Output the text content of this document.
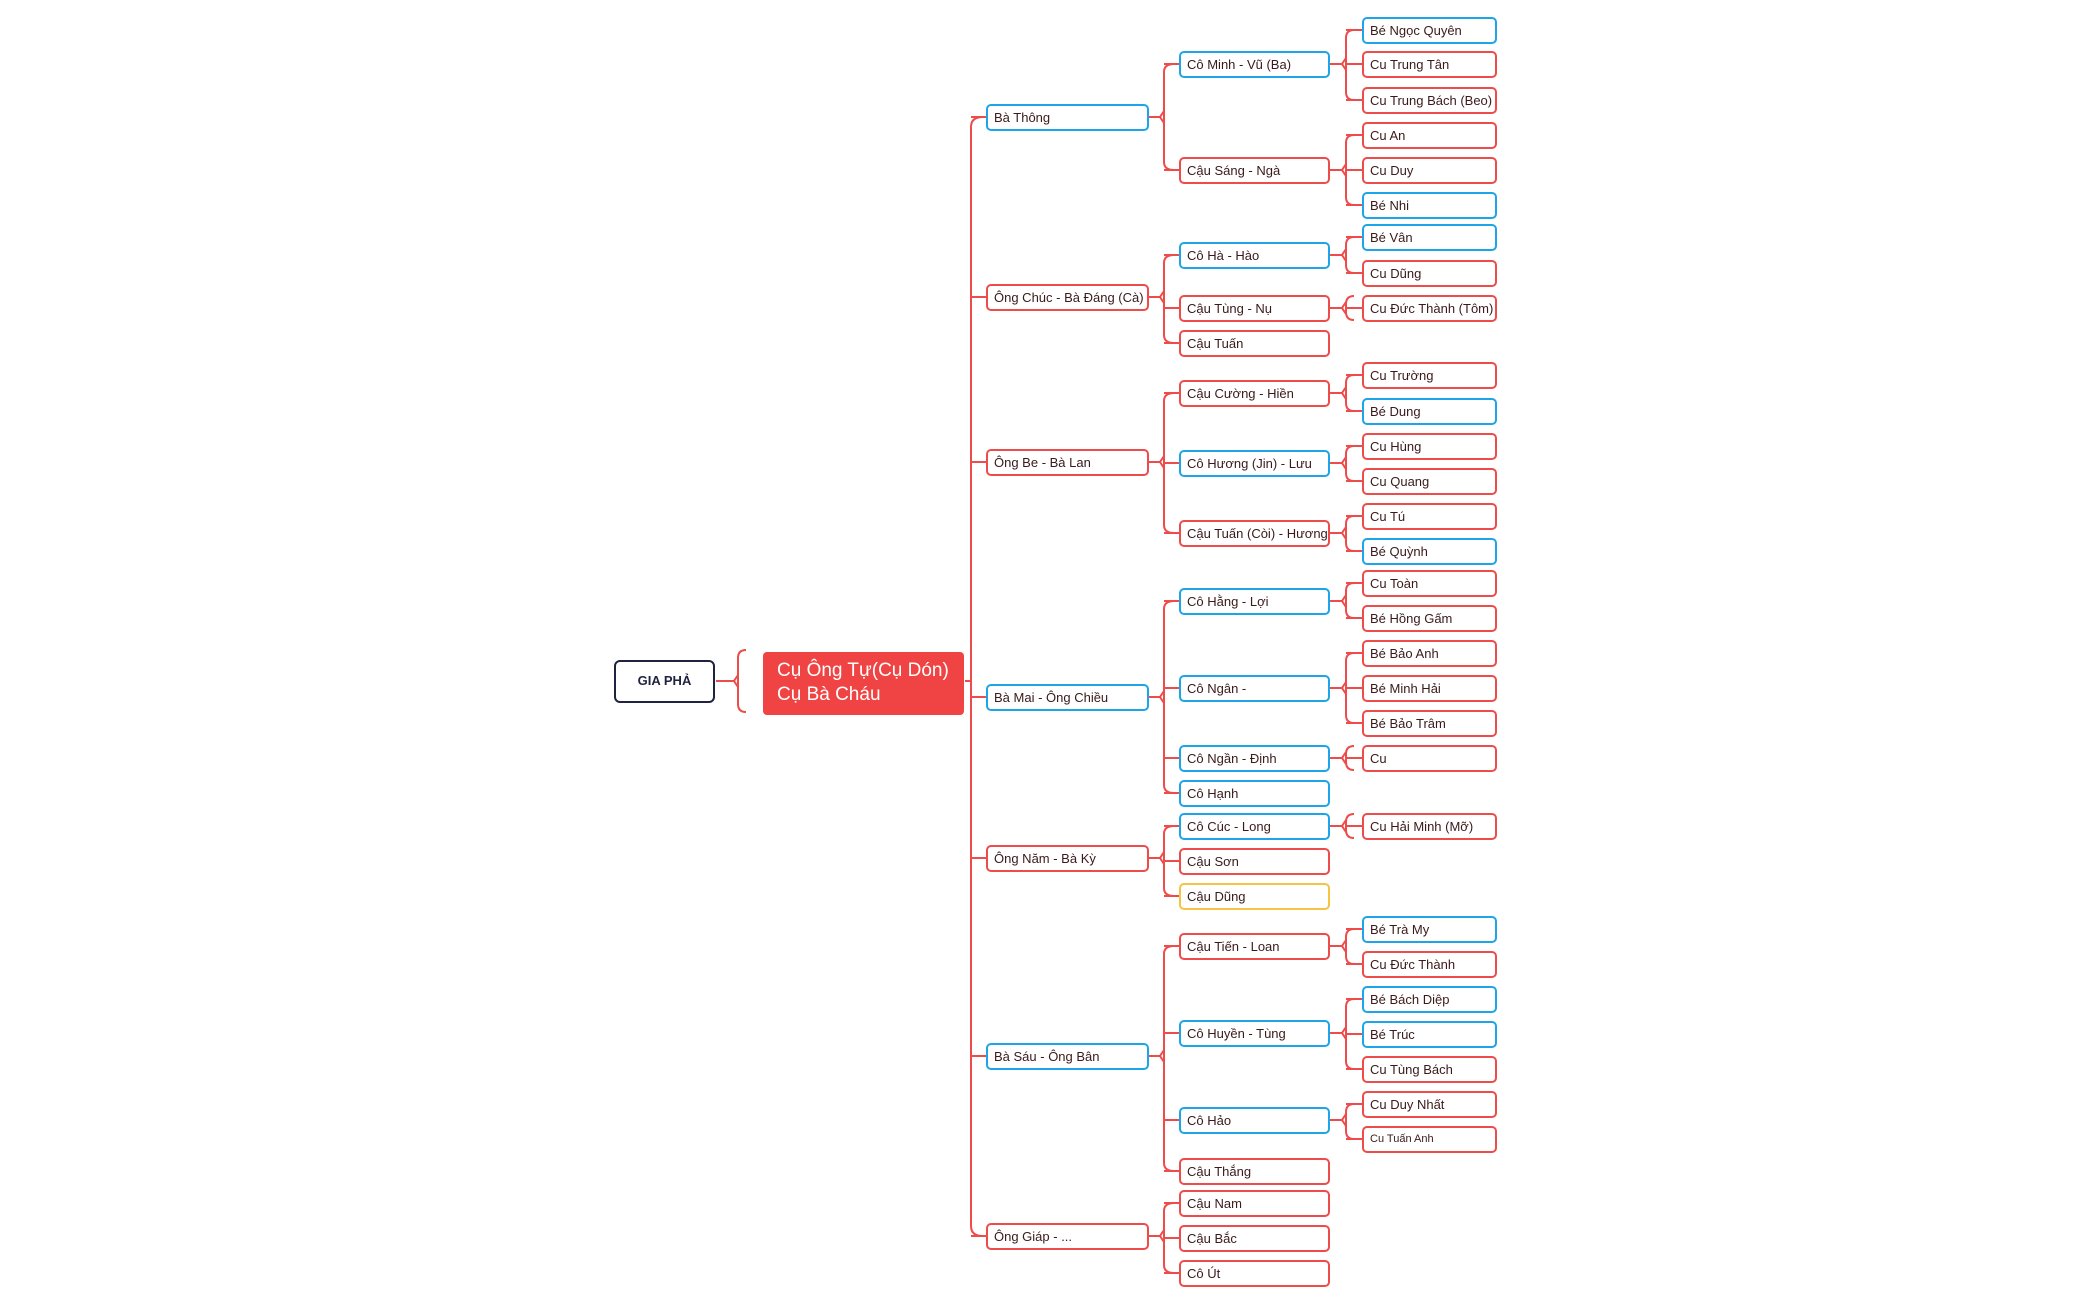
GIA PHẢ	Cụ Ông Tự(Cụ Dón)
Cụ Bà Cháu
Bà Thông
Cô Minh - Vũ (Ba)
Bé Ngọc Quyên
Cu Trung Tân
Cu Trung Bách (Beo)
Cậu Sáng - Ngà
Cu An
Cu Duy
Bé Nhi
Ông Chúc - Bà Đáng (Cà)
Cô Hà - Hào
Bé Vân
Cu Dũng
Cậu Tùng - Nụ	Cu Đức Thành (Tôm)
Cậu Tuấn
Ông Be - Bà Lan
Cậu Cường - Hiền
Cu Trường
Bé Dung
Cô Hương (Jin) - Lưu
Cu Hùng
Cu Quang
Cậu Tuấn (Còi) - Hương
Cu Tú
Bé Quỳnh
Bà Mai - Ông Chiều
Cô Hằng - Lợi
Cu Toàn
Bé Hồng Gấm
Cô Ngân -
Bé Bảo Anh
Bé Minh Hải
Bé Bảo Trâm
Cô Ngần - Định	Cu
Cô Hạnh
Ông Năm - Bà Kỳ
Cô Cúc - Long	Cu Hải Minh (Mỡ)
Cậu Sơn
Cậu Dũng
Bà Sáu - Ông Bân
Cậu Tiến - Loan
Bé Trà My
Cu Đức Thành
Cô Huyền - Tùng
Bé Bách Diệp
Bé Trúc
Cu Tùng Bách
Cô Hảo
Cu Duy Nhất
Cu Tuấn Anh
Cậu Thắng
Ông Giáp - ...
Cậu Nam
Cậu Bắc
Cô Út
